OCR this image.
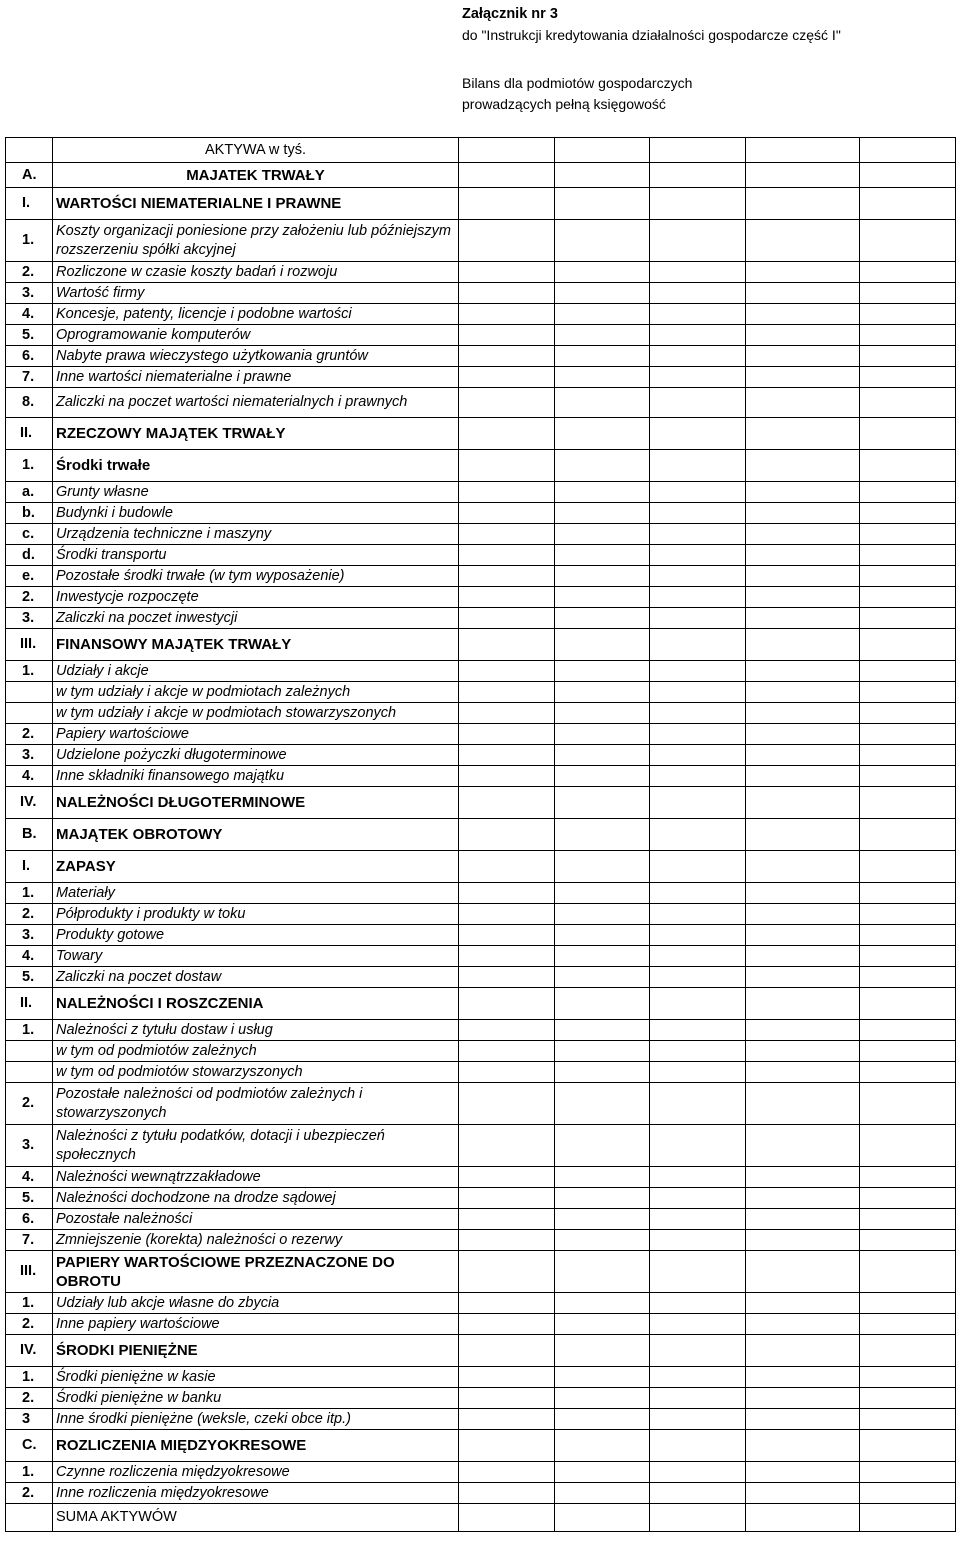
Załącznik nr 3
do "Instrukcji kredytowania działalności gospodarcze część I"
Bilans dla podmiotów gospodarczych
prowadzących pełną księgowość
	AKTYWA w tyś.					
A.	MAJATEK TRWAŁY					
I.	WARTOŚCI NIEMATERIALNE I PRAWNE					
1.	Koszty organizacji poniesione przy założeniu lub późniejszym rozszerzeniu spółki akcyjnej					
2.	Rozliczone w czasie koszty badań i rozwoju					
3.	Wartość firmy					
4.	Koncesje, patenty, licencje i podobne wartości					
5.	Oprogramowanie komputerów					
6.	Nabyte prawa wieczystego użytkowania gruntów					
7.	Inne wartości niematerialne i prawne					
8.	Zaliczki na poczet wartości niematerialnych i prawnych					
II.	RZECZOWY MAJĄTEK TRWAŁY					
1.	Środki trwałe					
a.	Grunty własne					
b.	Budynki i budowle					
c.	Urządzenia techniczne i maszyny					
d.	Środki transportu					
e.	Pozostałe środki trwałe (w tym wyposażenie)					
2.	Inwestycje rozpoczęte					
3.	Zaliczki na poczet inwestycji					
III.	FINANSOWY MAJĄTEK TRWAŁY					
1.	Udziały i akcje					
	w tym udziały i akcje w podmiotach zależnych					
	w tym udziały i akcje w podmiotach stowarzyszonych					
2.	Papiery wartościowe					
3.	Udzielone pożyczki długoterminowe					
4.	Inne składniki finansowego majątku					
IV.	NALEŻNOŚCI DŁUGOTERMINOWE					
B.	MAJĄTEK OBROTOWY					
I.	ZAPASY					
1.	Materiały					
2.	Półprodukty i produkty w toku					
3.	Produkty gotowe					
4.	Towary					
5.	Zaliczki na poczet dostaw					
II.	NALEŻNOŚCI I ROSZCZENIA					
1.	Należności z tytułu dostaw i usług					
	w tym od podmiotów zależnych					
	w tym od podmiotów stowarzyszonych					
2.	Pozostałe należności od podmiotów zależnych i stowarzyszonych					
3.	Należności z tytułu podatków, dotacji i ubezpieczeń społecznych					
4.	Należności wewnątrzzakładowe					
5.	Należności dochodzone na drodze sądowej					
6.	Pozostałe należności					
7.	Zmniejszenie (korekta) należności o rezerwy					
III.	PAPIERY WARTOŚCIOWE PRZEZNACZONE DO OBROTU					
1.	Udziały lub akcje własne do zbycia					
2.	Inne papiery wartościowe					
IV.	ŚRODKI PIENIĘŻNE					
1.	Środki pieniężne w kasie					
2.	Środki pieniężne w banku					
3	Inne środki pieniężne (weksle, czeki obce itp.)					
C.	ROZLICZENIA MIĘDZYOKRESOWE					
1.	Czynne rozliczenia międzyokresowe					
2.	Inne rozliczenia międzyokresowe					
	SUMA AKTYWÓW					
